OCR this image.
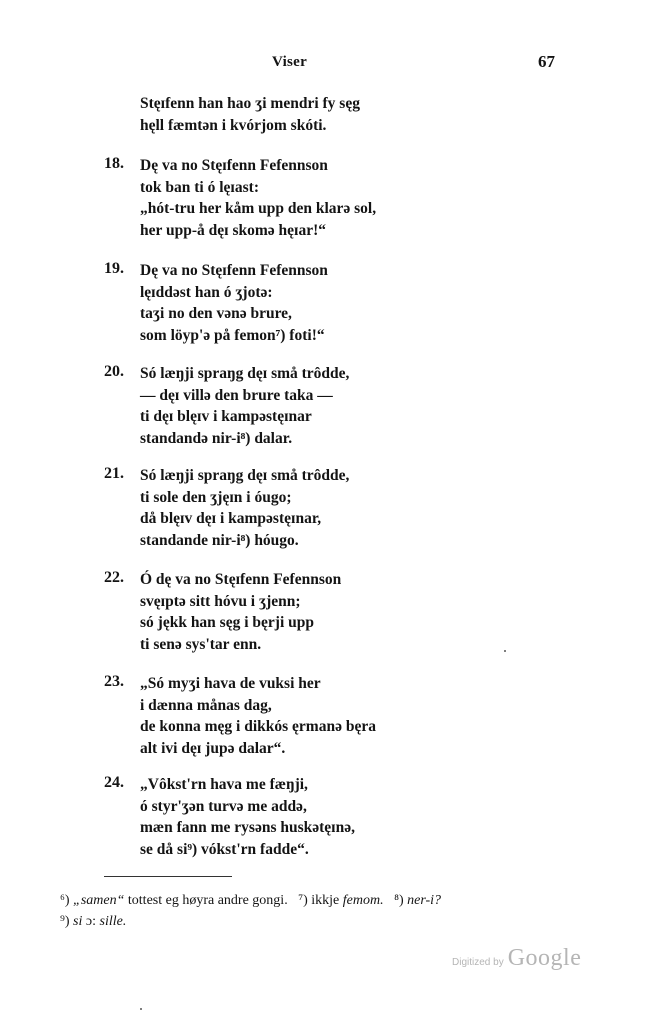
Viser	67
Stęɪfenn han hao ʒi mendri fy sęg
hęll fæmtən i kvórjom skóti.
18. Dę va no Stęɪfenn Fefennson
tok ban ti ó lęɪast:
„hót-tru her kåm upp den klarə sol,
her upp-å dęɪ skomə hęɪar!“
19. Dę va no Stęɪfenn Fefennson
lęɪddəst han ó ʒjotə:
taʒi no den vənə brure,
som löyp'ə på femon⁷) foti!“
20. Só læŋji spraŋg dęɪ små trôdde,
— dęɪ villə den brure taka —
ti dęɪ blęɪv i kampəstęɪnar
standandə nir-i⁸) dalar.
21. Só læŋji spraŋg dęɪ små trôdde,
ti sole den ʒjęɪn i óugo;
då blęɪv dęɪ i kampəstęɪnar,
standande nir-i⁸) hóugo.
22. Ó dę va no Stęɪfenn Fefennson
svęɪptə sitt hóvu i ʒjenn;
só jękk han sęg i bęrji upp
ti senə sys'tar enn.
23. „Só myʒi hava de vuksi her
i dænna månas dag,
de konna męg i dikkós ęrmanə bęra
alt ivi dęɪ jupə dalar“.
24. „Vôkst'rn hava me fæŋji,
ó styr'ʒən turvə me addə,
mæn fann me rysəns huskətęɪnə,
se då si⁹) vókst'rn fadde“.
⁶) „samen“ tottest eg høyra andre gongi. ⁷) ikkje femom. ⁸) ner-i?
⁹) si ɔ: sille.
Digitized by Google
